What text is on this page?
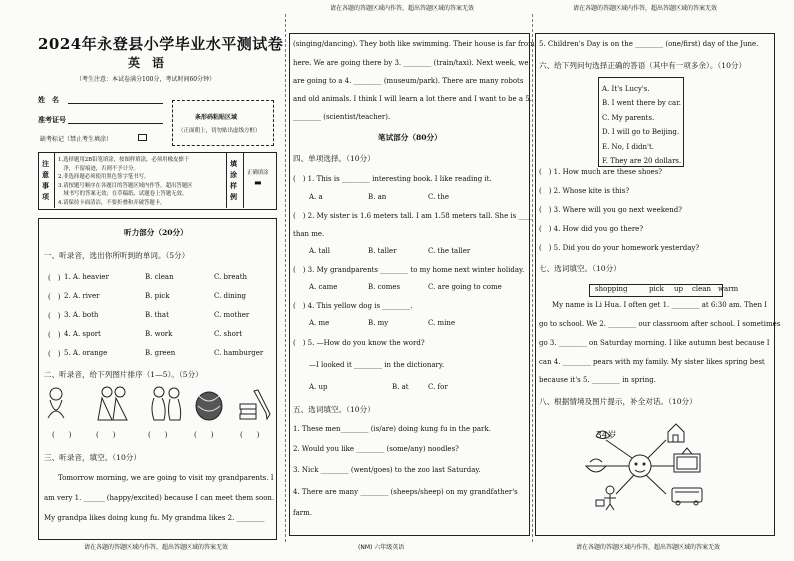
请在各题的答题区域内作答，超出答题区域的答案无效	请在各题的答题区域内作答，超出答题区域的答案无效
2024年永登县小学毕业水平测试卷
英　语
（考生注意：本试卷满分100分，考试时间60分钟）
姓　名
准考证号
缺考标记（禁止考生填涂）
条形码粘贴区域
（正面朝上，切勿贴出虚线方框）
注意事项
1.选择题用2B铅笔填涂，按图样填涂，必须用橡皮擦干
　净，不留痕迹，否则不予计分。
2.非选择题必须使用黑色签字笔书写。
3.请按题号顺序在各题目的答题区域内作答，超出答题区
　域书写的答案无效；在草稿纸、试题卷上答题无效。
4.请保持卡面清洁，不要折叠和弄破答题卡。
填涂样例
正确填涂
▬
听力部分（20分）
一、听录音，选出你所听到的单词。（5分）
(　) 1. A. heavier	B. clean	C. breath
(　) 2. A. river	B. pick	C. dining
(　) 3. A. both	B. that	C. mother
(　) 4. A. sport	B. work	C. short
(　) 5. A. orange	B. green	C. hamburger
二、听录音，给下列图片排序（1—5）。（5分）
(　　)	(　　)	(　　)	(　　)	(　　)
三、听录音，填空。（10分）
Tomorrow morning, we are going to visit my grandparents. I
am very 1. ______ (happy/excited) because I can meet them soon.
My grandpa likes doing kung fu. My grandma likes 2. ________
请在各题的答题区域内作答，超出答题区域的答案无效
(singing/dancing). They both like swimming. Their house is far from
here. We are going there by 3. ________ (train/taxi). Next week, we
are going to a 4. ________ (museum/park). There are many robots
and old animals. I think I will learn a lot there and I want to be a 5.
________ (scientist/teacher).
笔试部分（80分）
四、单项选择。（10分）
(　) 1. This is ________ interesting book. I like reading it.
A. a	B. an	C. the
(　) 2. My sister is 1.6 meters tall. I am 1.58 meters tall. She is ____
than me.
A. tall	B. taller	C. the taller
(　) 3. My grandparents ________ to my home next winter holiday.
A. came	B. comes	C. are going to come
(　) 4. This yellow dog is ________.
A. me	B. my	C. mine
(　) 5. —How do you know the word?
—I looked it ________ in the dictionary.
A. up	B. at	C. for
五、选词填空。（10分）
1. These men________ (is/are) doing kung fu in the park.
2. Would you like ________ (some/any) noodles?
3. Nick ________ (went/goes) to the zoo last Saturday.
4. There are many ________ (sheeps/sheep) on my grandfather's
farm.
(NM) 六年级英语
5. Children's Day is on the ________ (one/first) day of the June.
六、给下列问句选择正确的答语（其中有一项多余）。（10分）
A. It's Lucy's.
B. I went there by car.
C. My parents.
D. I will go to Beijing.
E. No, I didn't.
F. They are 20 dollars.
(　) 1. How much are these shoes?
(　) 2. Whose kite is this?
(　) 3. Where will you go next weekend?
(　) 4. How did you go there?
(　) 5. Did you do your homework yesterday?
七、选词填空。（10分）
shopping	pick up clean warm
My name is Li Hua. I often get 1. ________ at 6:30 am. Then I
go to school. We 2. ________ our classroom after school. I sometimes
go 3. ________ on Saturday morning. I like autumn best because I
can 4. ________ pears with my family. My sister likes spring best
because it's 5. ________ in spring.
八、根据情境及图片提示，补全对话。（10分）
34岁
请在各题的答题区域内作答，超出答题区域的答案无效
